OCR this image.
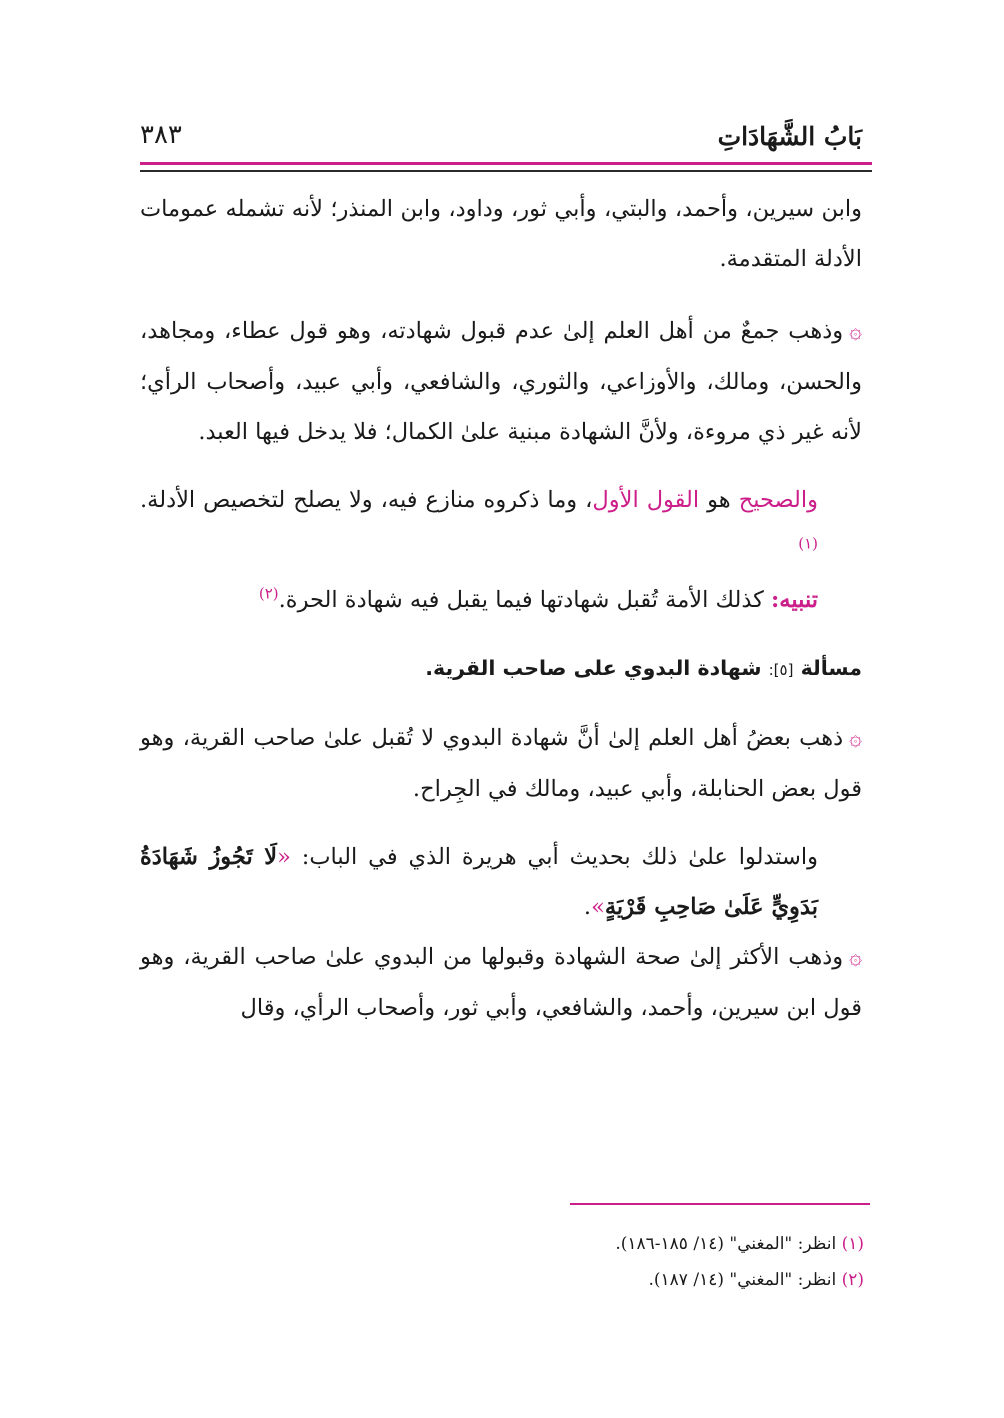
بَابُ الشَّهَادَاتِ
٣٨٣

وابن سيرين، وأحمد، والبتي، وأبي ثور، وداود، وابن المنذر؛ لأنه تشمله عمومات الأدلة المتقدمة.

۞وذهب جمعٌ من أهل العلم إلىٰ عدم قبول شهادته، وهو قول عطاء، ومجاهد، والحسن، ومالك، والأوزاعي، والثوري، والشافعي، وأبي عبيد، وأصحاب الرأي؛ لأنه غير ذي مروءة، ولأنَّ الشهادة مبنية علىٰ الكمال؛ فلا يدخل فيها العبد.

والصحيح هو القول الأول، وما ذكروه منازع فيه، ولا يصلح لتخصيص الأدلة.$^{(١)}$

تنبيه: كذلك الأمة تُقبل شهادتها فيما يقبل فيه شهادة الحرة.$^{(٢)}$

مسألة [٥]: شهادة البدوي على صاحب القرية.

۞ذهب بعضُ أهل العلم إلىٰ أنَّ شهادة البدوي لا تُقبل علىٰ صاحب القرية، وهو قول بعض الحنابلة، وأبي عبيد، ومالك في الجِراح.

واستدلوا علىٰ ذلك بحديث أبي هريرة الذي في الباب: «لَا تَجُوزُ شَهَادَةُ بَدَوِيٍّ عَلَىٰ صَاحِبِ قَرْيَةٍ».

۞وذهب الأكثر إلىٰ صحة الشهادة وقبولها من البدوي علىٰ صاحب القرية، وهو قول ابن سيرين، وأحمد، والشافعي، وأبي ثور، وأصحاب الرأي، وقال

(١) انظر: "المغني" (١٤/ ١٨٥-١٨٦).
(٢) انظر: "المغني" (١٤/ ١٨٧).
